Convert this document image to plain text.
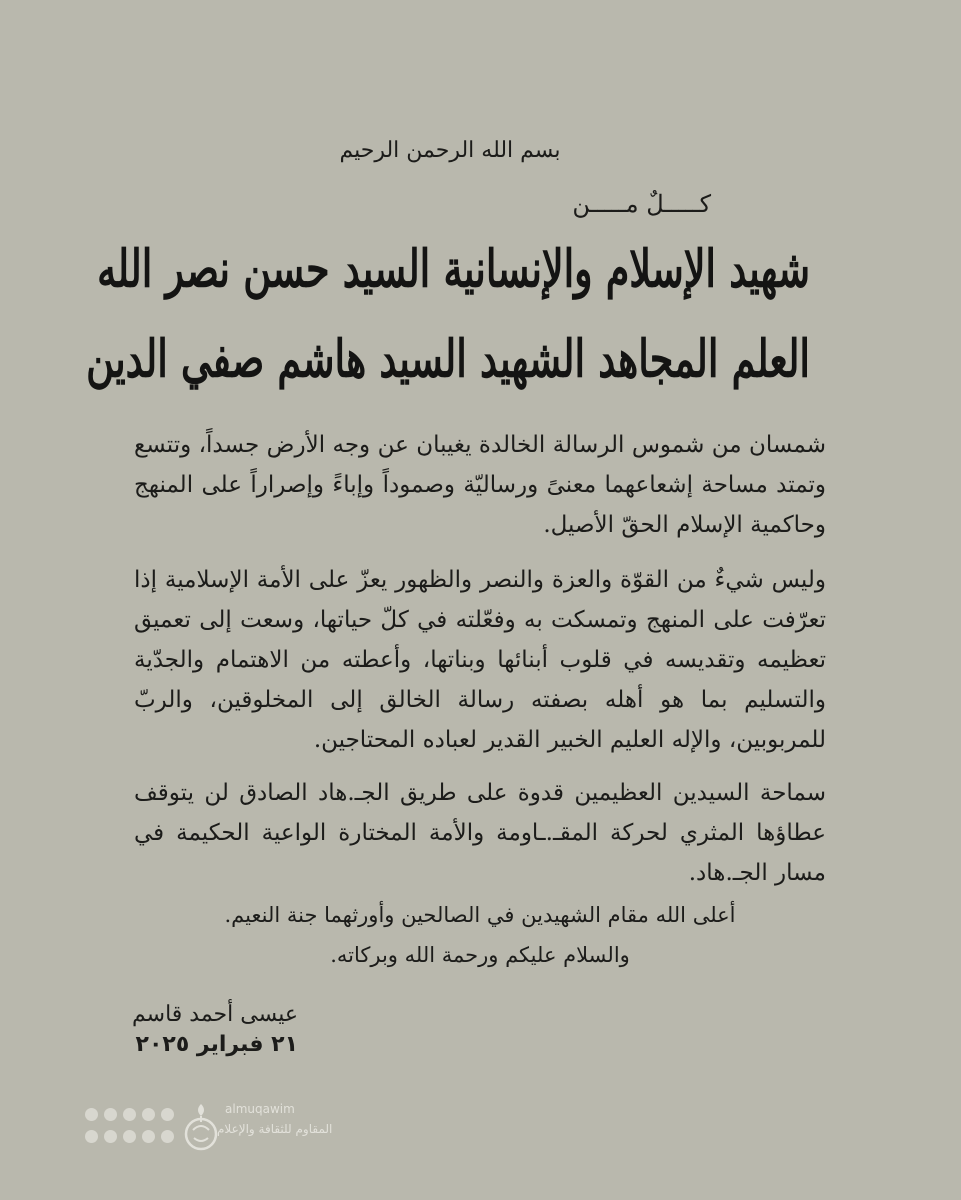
بسم الله الرحمن الرحيم
كـــــلٌ مـــــن
شهيد الإسلام والإنسانية السيد حسن نصر الله
العلم المجاهد الشهيد السيد هاشم صفي الدين

شمسان من شموس الرسالة الخالدة يغيبان عن وجه الأرض جسداً، وتتسع وتمتد مساحة إشعاعهما معنىً ورساليّة وصموداً وإباءً وإصراراً على المنهج وحاكمية الإسلام الحقّ الأصيل.

وليس شيءٌ من القوّة والعزة والنصر والظهور يعزّ على الأمة الإسلامية إذا تعرّفت على المنهج وتمسكت به وفعّلته في كلّ حياتها، وسعت إلى تعميق تعظيمه وتقديسه في قلوب أبنائها وبناتها، وأعطته من الاهتمام والجدّية والتسليم بما هو أهله بصفته رسالة الخالق إلى المخلوقين، والربّ للمربوبين، والإله العليم الخبير القدير لعباده المحتاجين.

سماحة السيدين العظيمين قدوة على طريق الجـ.هاد الصادق لن يتوقف عطاؤها المثري لحركة المقـ.ـاومة والأمة المختارة الواعية الحكيمة في مسار الجـ.هاد.

أعلى الله مقام الشهيدين في الصالحين وأورثهما جنة النعيم.
والسلام عليكم ورحمة الله وبركاته.
عيسى أحمد قاسم
٢١ فبراير ٢٠٢٥
almuqawim
المقاوم للثقافة والإعلام
